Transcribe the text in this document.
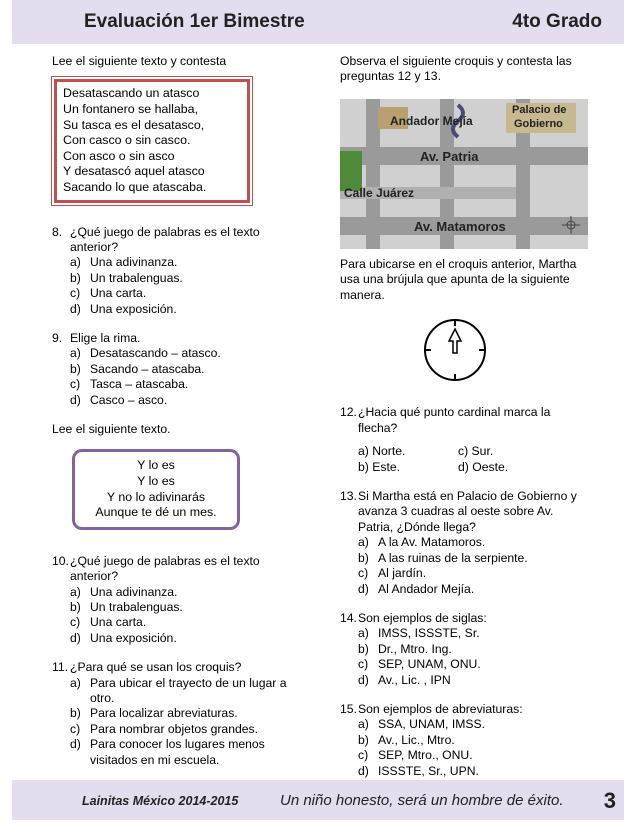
Evaluación 1er Bimestre	4to Grado

Lee el siguiente texto y contesta

Desatascando un atasco
Un fontanero se hallaba,
Su tasca es el desatasco,
Con casco o sin casco.
Con asco o sin asco
Y desatascó aquel atasco
Sacando lo que atascaba.
8. ¿Qué juego de palabras es el texto anterior?
a) Una adivinanza.
b) Un trabalenguas.
c) Una carta.
d) Una exposición.
9. Elige la rima.
a) Desatascando – atasco.
b) Sacando – atascaba.
c) Tasca – atascaba.
d) Casco – asco.

Lee el siguiente texto.

Y lo es
Y lo es
Y no lo adivinarás
Aunque te dé un mes.
10. ¿Qué juego de palabras es el texto anterior?
a) Una adivinanza.
b) Un trabalenguas.
c) Una carta.
d) Una exposición.
11. ¿Para qué se usan los croquis?
a) Para ubicar el trayecto de un lugar a otro.
b) Para localizar abreviaturas.
c) Para nombrar objetos grandes.
d) Para conocer los lugares menos visitados en mi escuela.

Observa el siguiente croquis y contesta las preguntas 12 y 13.

Andador Mejía
Palacio de
Gobierno
Av. Patria
Calle Juárez
Av. Matamoros

Para ubicarse en el croquis anterior, Martha usa una brújula que apunta de la siguiente manera.

12. ¿Hacia qué punto cardinal marca la flecha?
a) Norte.	c) Sur.
b) Este.	d) Oeste.
13. Si Martha está en Palacio de Gobierno y avanza 3 cuadras al oeste sobre Av. Patria, ¿Dónde llega?
a) A la Av. Matamoros.
b) A las ruinas de la serpiente.
c) Al jardín.
d) Al Andador Mejía.
14. Son ejemplos de siglas:
a) IMSS, ISSSTE, Sr.
b) Dr., Mtro. Ing.
c) SEP, UNAM, ONU.
d) Av., Lic. , IPN
15. Son ejemplos de abreviaturas:
a) SSA, UNAM, IMSS.
b) Av., Lic., Mtro.
c) SEP, Mtro., ONU.
d) ISSSTE, Sr., UPN.
Lainitas México 2014-2015	Un niño honesto, será un hombre de éxito. 3
